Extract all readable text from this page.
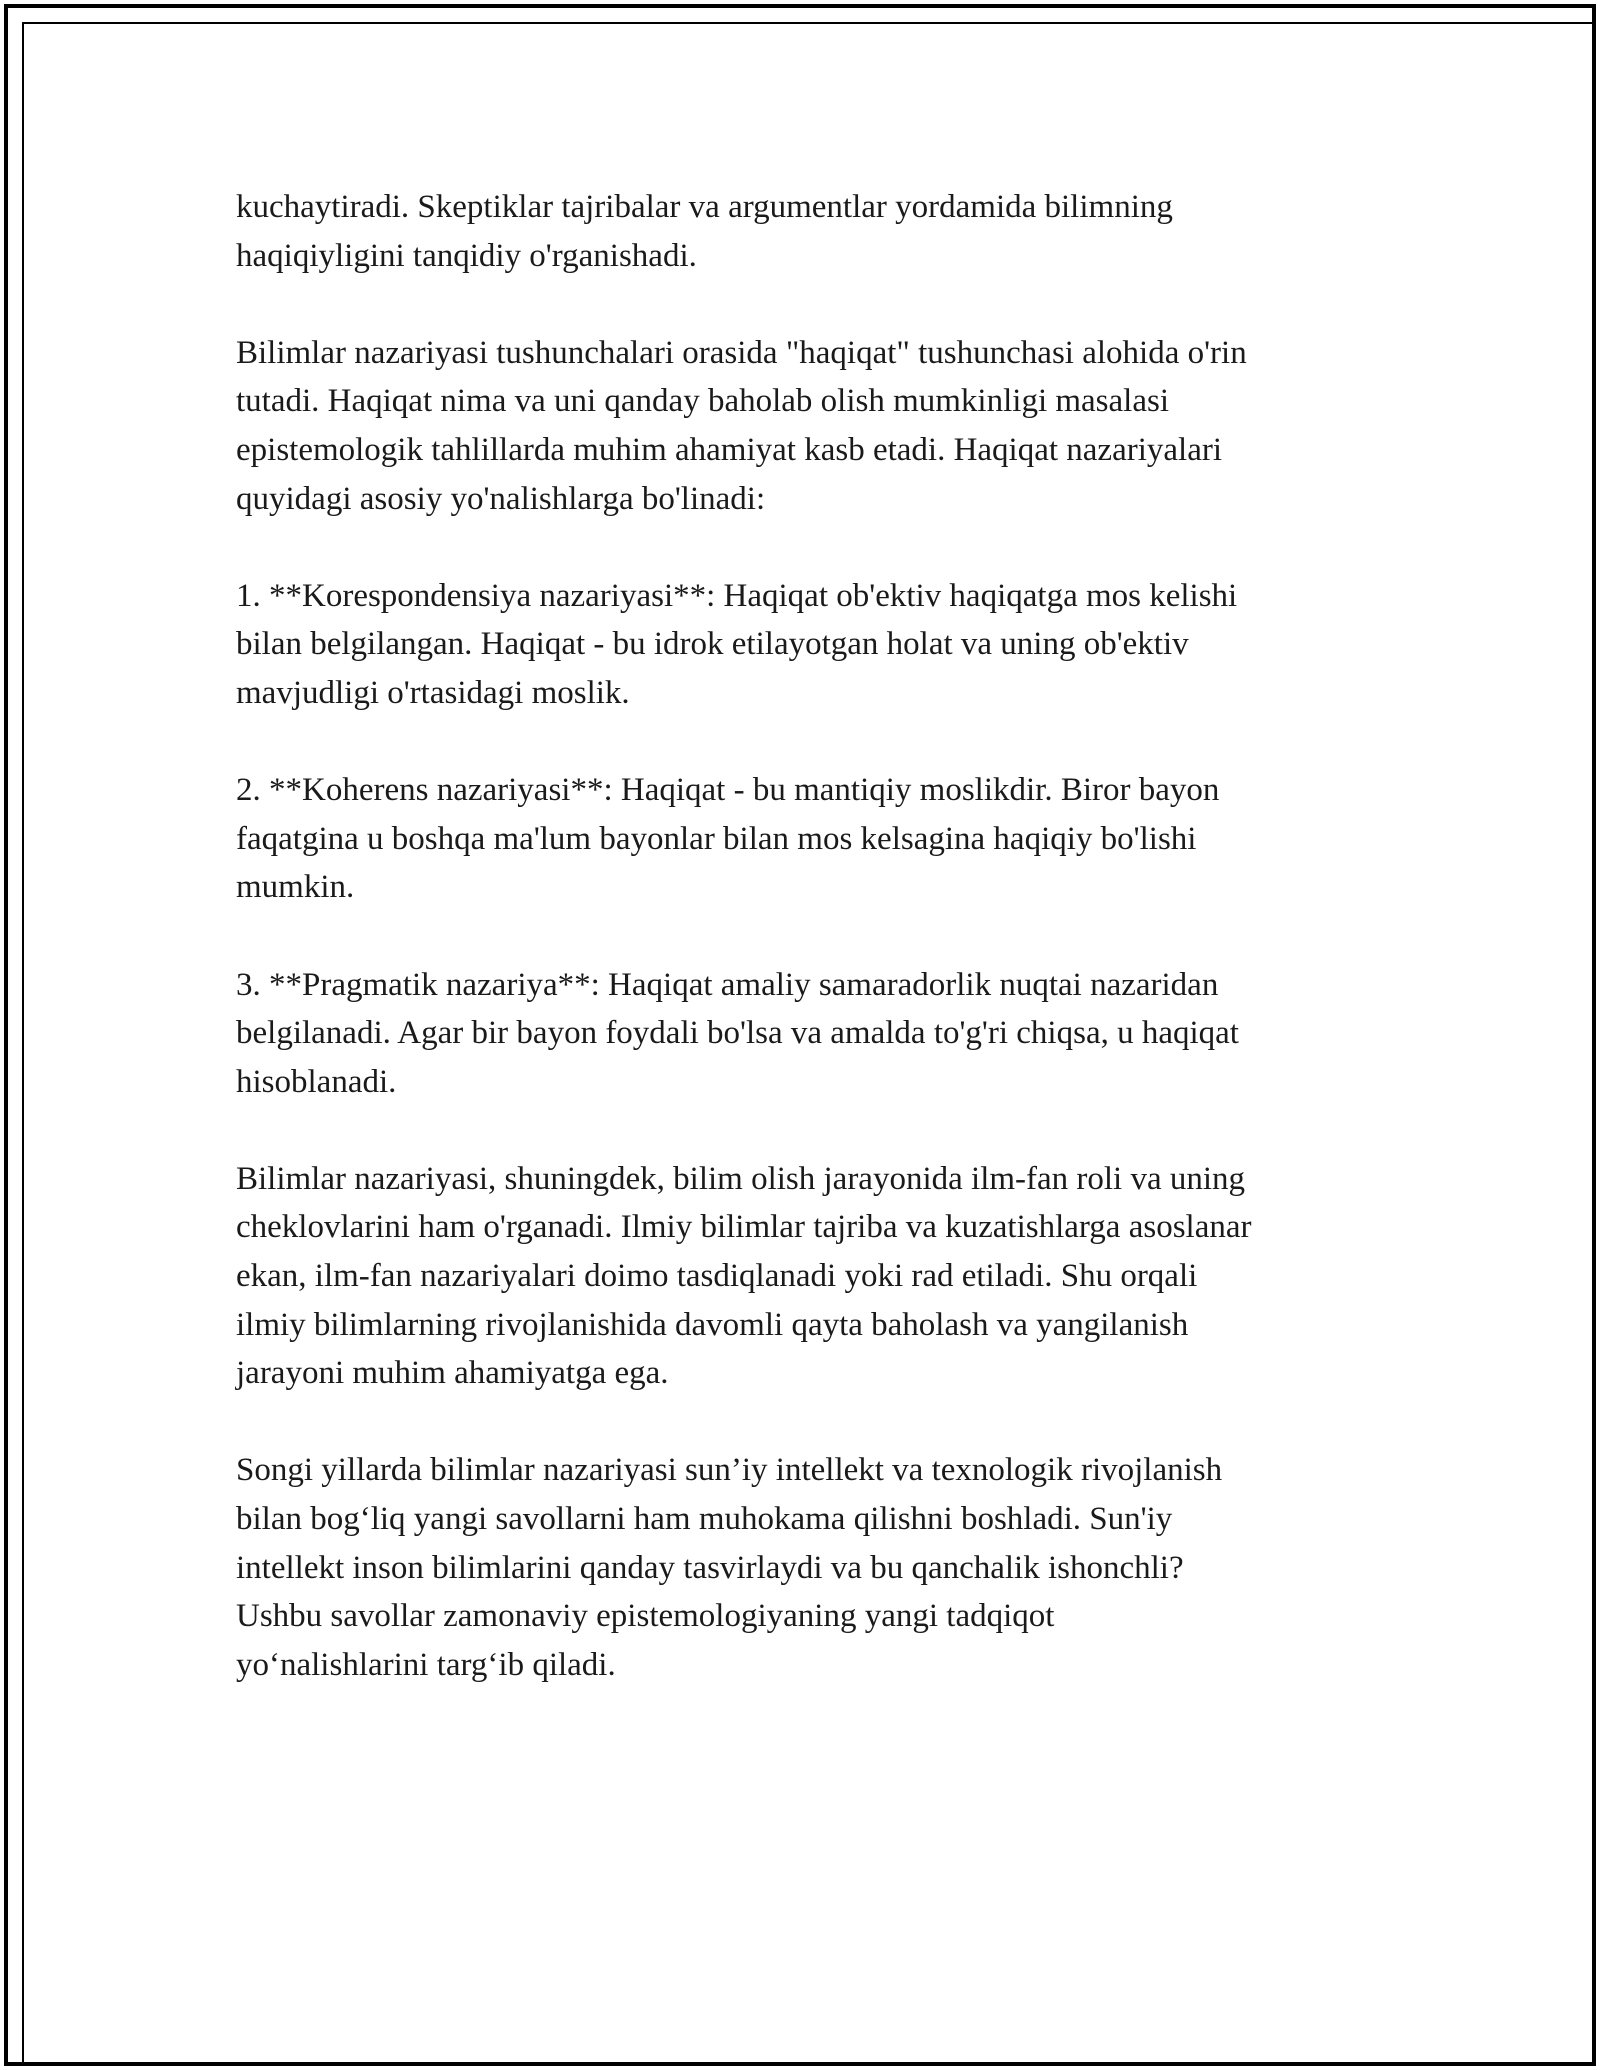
kuchaytiradi. Skeptiklar tajribalar va argumentlar yordamida bilimning
haqiqiyligini tanqidiy o'rganishadi.

Bilimlar nazariyasi tushunchalari orasida "haqiqat" tushunchasi alohida o'rin
tutadi. Haqiqat nima va uni qanday baholab olish mumkinligi masalasi
epistemologik tahlillarda muhim ahamiyat kasb etadi. Haqiqat nazariyalari
quyidagi asosiy yo'nalishlarga bo'linadi:

1. **Korespondensiya nazariyasi**: Haqiqat ob'ektiv haqiqatga mos kelishi
bilan belgilangan. Haqiqat - bu idrok etilayotgan holat va uning ob'ektiv
mavjudligi o'rtasidagi moslik.

2. **Koherens nazariyasi**: Haqiqat - bu mantiqiy moslikdir. Biror bayon
faqatgina u boshqa ma'lum bayonlar bilan mos kelsagina haqiqiy bo'lishi
mumkin.

3. **Pragmatik nazariya**: Haqiqat amaliy samaradorlik nuqtai nazaridan
belgilanadi. Agar bir bayon foydali bo'lsa va amalda to'g'ri chiqsa, u haqiqat
hisoblanadi.

Bilimlar nazariyasi, shuningdek, bilim olish jarayonida ilm-fan roli va uning
cheklovlarini ham o'rganadi. Ilmiy bilimlar tajriba va kuzatishlarga asoslanar
ekan, ilm-fan nazariyalari doimo tasdiqlanadi yoki rad etiladi. Shu orqali
ilmiy bilimlarning rivojlanishida davomli qayta baholash va yangilanish
jarayoni muhim ahamiyatga ega.

Songi yillarda bilimlar nazariyasi sun’iy intellekt va texnologik rivojlanish
bilan bog‘liq yangi savollarni ham muhokama qilishni boshladi. Sun'iy
intellekt inson bilimlarini qanday tasvirlaydi va bu qanchalik ishonchli?
Ushbu savollar zamonaviy epistemologiyaning yangi tadqiqot
yo‘nalishlarini targ‘ib qiladi.
